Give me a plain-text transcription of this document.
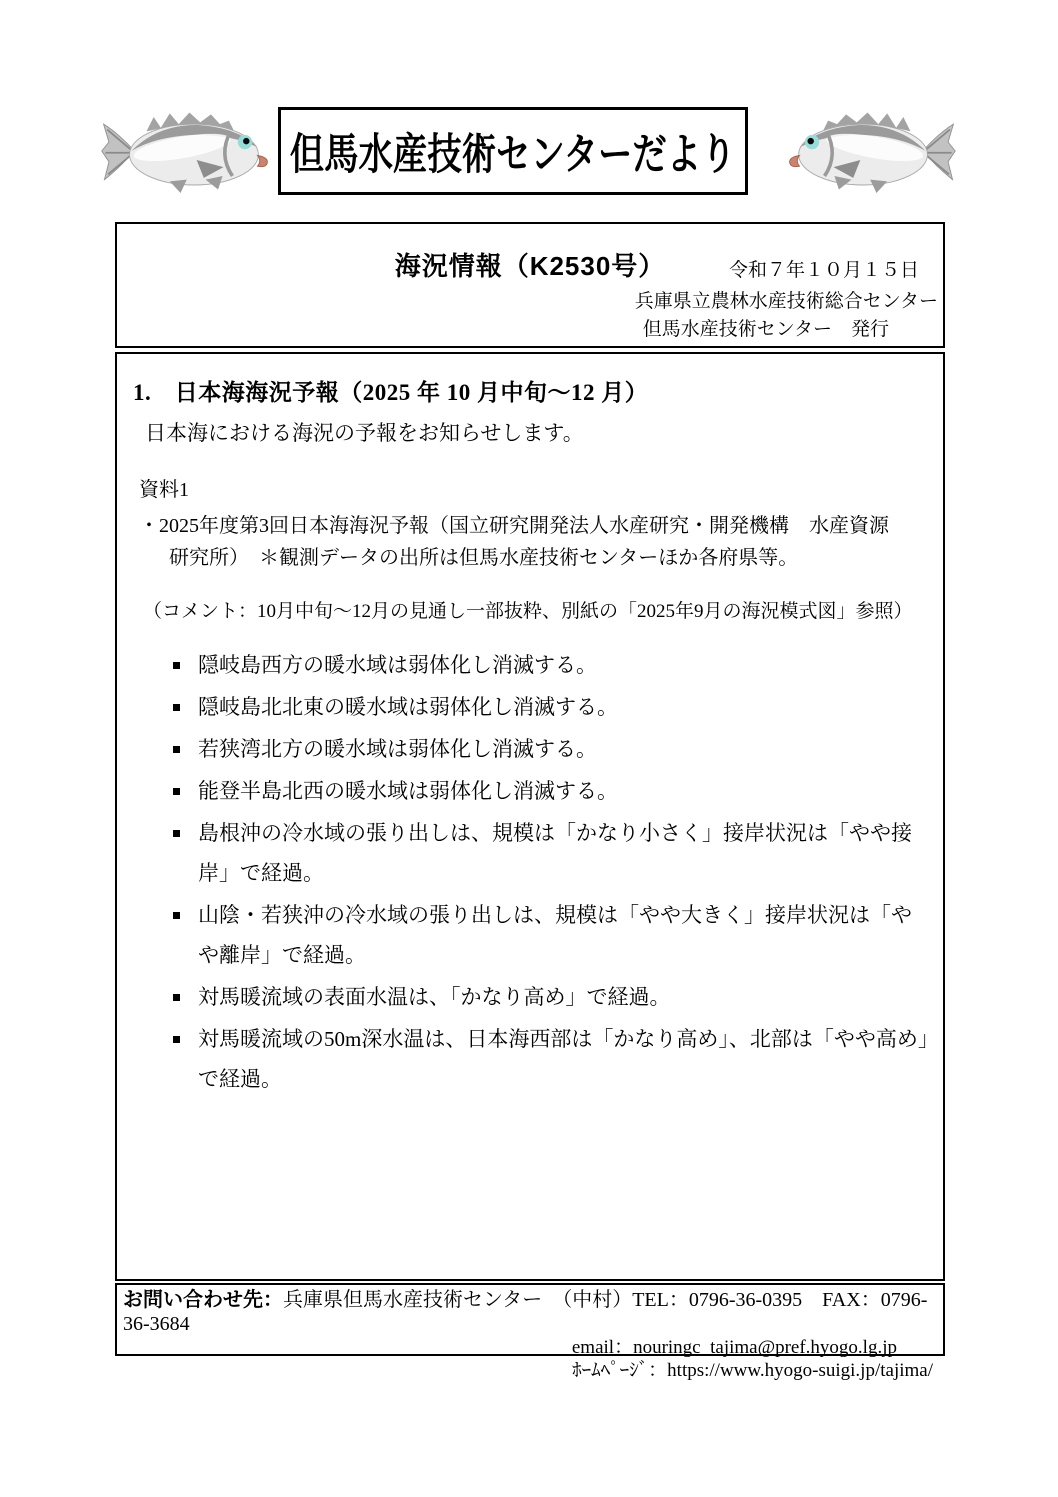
但馬水産技術センターだより
海況情報（K2530号）	令和７年１０月１５日
兵庫県立農林水産技術総合センター
但馬水産技術センター　発行
1.　日本海海況予報（2025 年 10 月中旬～12 月）

日本海における海況の予報をお知らせします。

資料1

・2025年度第3回日本海海況予報（国立研究開発法人水産研究・開発機構　水産資源

研究所）　＊観測データの出所は但馬水産技術センターほか各府県等。

（コメント：10月中旬～12月の見通し一部抜粋、別紙の「2025年9月の海況模式図」参照）

隠岐島西方の暖水域は弱体化し消滅する。
隠岐島北北東の暖水域は弱体化し消滅する。
若狭湾北方の暖水域は弱体化し消滅する。
能登半島北西の暖水域は弱体化し消滅する。
島根沖の冷水域の張り出しは、規模は「かなり小さく」接岸状況は「やや接岸」で経過。
山陰・若狭沖の冷水域の張り出しは、規模は「やや大きく」接岸状況は「やや離岸」で経過。
対馬暖流域の表面水温は、「かなり高め」で経過。
対馬暖流域の50m深水温は、日本海西部は「かなり高め」、北部は「やや高め」で経過。
お問い合わせ先：兵庫県但馬水産技術センター　（中村）TEL：0796-36-0395　FAX：0796-36-3684
email：nouringc_tajima@pref.hyogo.lg.jp
ﾎｰﾑﾍﾟｰｼﾞ：https://www.hyogo-suigi.jp/tajima/
